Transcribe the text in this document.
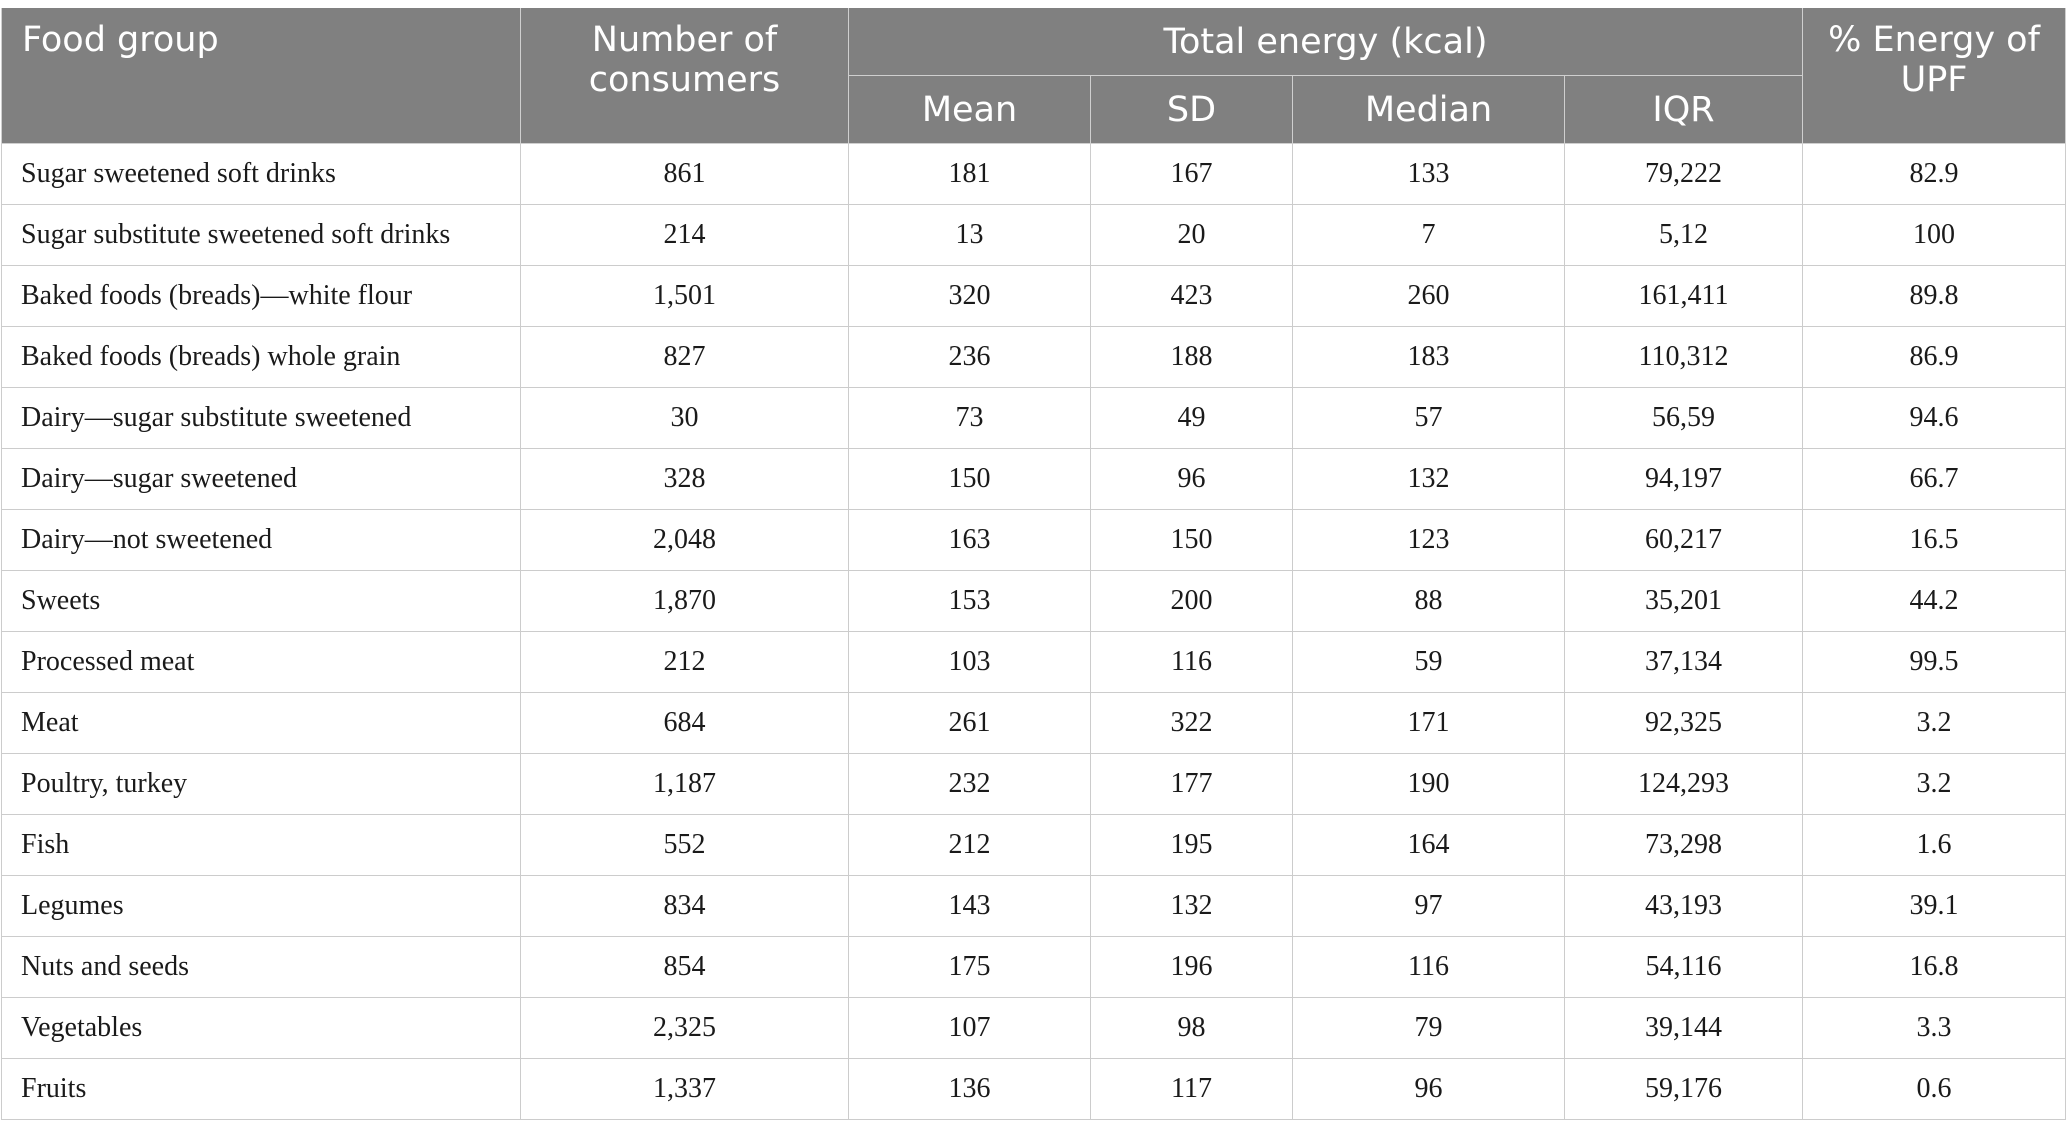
Food group	Number of consumers	Total energy (kcal)				% Energy of UPF
		Mean	SD	Median	IQR	
Sugar sweetened soft drinks	861	181	167	133	79,222	82.9
Sugar substitute sweetened soft drinks	214	13	20	7	5,12	100
Baked foods (breads)—white flour	1,501	320	423	260	161,411	89.8
Baked foods (breads) whole grain	827	236	188	183	110,312	86.9
Dairy—sugar substitute sweetened	30	73	49	57	56,59	94.6
Dairy—sugar sweetened	328	150	96	132	94,197	66.7
Dairy—not sweetened	2,048	163	150	123	60,217	16.5
Sweets	1,870	153	200	88	35,201	44.2
Processed meat	212	103	116	59	37,134	99.5
Meat	684	261	322	171	92,325	3.2
Poultry, turkey	1,187	232	177	190	124,293	3.2
Fish	552	212	195	164	73,298	1.6
Legumes	834	143	132	97	43,193	39.1
Nuts and seeds	854	175	196	116	54,116	16.8
Vegetables	2,325	107	98	79	39,144	3.3
Fruits	1,337	136	117	96	59,176	0.6
